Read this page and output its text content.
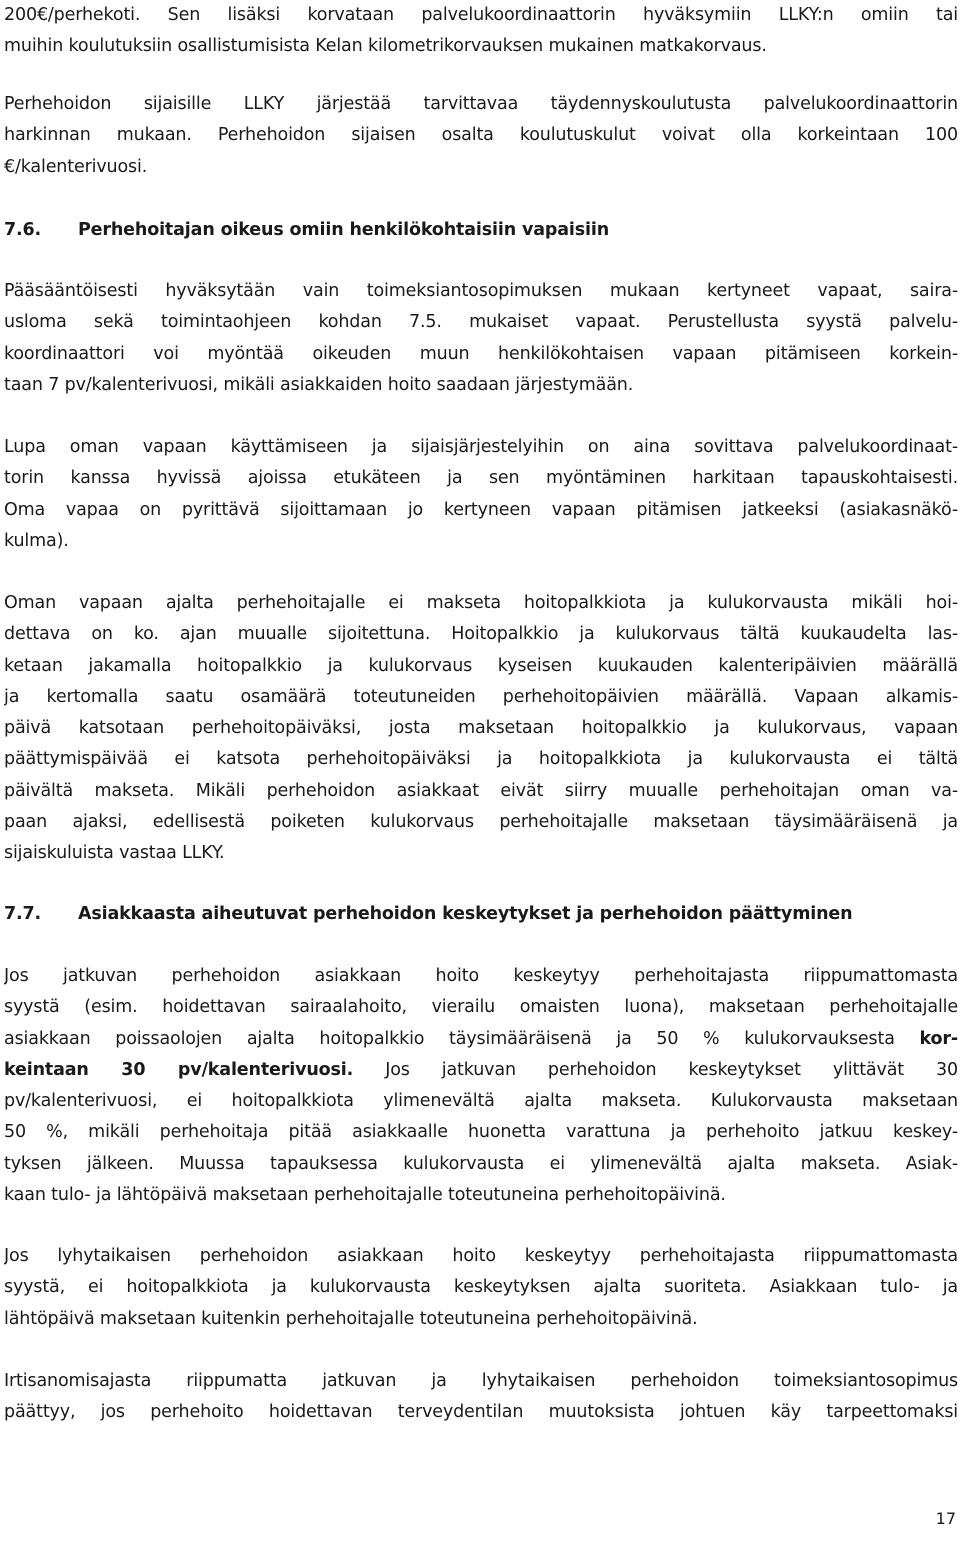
200€/perhekoti. Sen lisäksi korvataan palvelukoordinaattorin hyväksymiin LLKY:n omiin tai
muihin koulutuksiin osallistumisista Kelan kilometrikorvauksen mukainen matkakorvaus.
Perhehoidon sijaisille LLKY järjestää tarvittavaa täydennyskoulutusta palvelukoordinaattorin
harkinnan mukaan. Perhehoidon sijaisen osalta koulutuskulut voivat olla korkeintaan 100
€/kalenterivuosi.
7.6. Perhehoitajan oikeus omiin henkilökohtaisiin vapaisiin
Pääsääntöisesti hyväksytään vain toimeksiantosopimuksen mukaan kertyneet vapaat, saira-
usloma sekä toimintaohjeen kohdan 7.5. mukaiset vapaat. Perustellusta syystä palvelu-
koordinaattori voi myöntää oikeuden muun henkilökohtaisen vapaan pitämiseen korkein-
taan 7 pv/kalenterivuosi, mikäli asiakkaiden hoito saadaan järjestymään.
Lupa oman vapaan käyttämiseen ja sijaisjärjestelyihin on aina sovittava palvelukoordinaat-
torin kanssa hyvissä ajoissa etukäteen ja sen myöntäminen harkitaan tapauskohtaisesti.
Oma vapaa on pyrittävä sijoittamaan jo kertyneen vapaan pitämisen jatkeeksi (asiakasnäkö-
kulma).
Oman vapaan ajalta perhehoitajalle ei makseta hoitopalkkiota ja kulukorvausta mikäli hoi-
dettava on ko. ajan muualle sijoitettuna. Hoitopalkkio ja kulukorvaus tältä kuukaudelta las-
ketaan jakamalla hoitopalkkio ja kulukorvaus kyseisen kuukauden kalenteripäivien määrällä
ja kertomalla saatu osamäärä toteutuneiden perhehoitopäivien määrällä. Vapaan alkamis-
päivä katsotaan perhehoitopäiväksi, josta maksetaan hoitopalkkio ja kulukorvaus, vapaan
päättymispäivää ei katsota perhehoitopäiväksi ja hoitopalkkiota ja kulukorvausta ei tältä
päivältä makseta. Mikäli perhehoidon asiakkaat eivät siirry muualle perhehoitajan oman va-
paan ajaksi, edellisestä poiketen kulukorvaus perhehoitajalle maksetaan täysimääräisenä ja
sijaiskuluista vastaa LLKY.
7.7. Asiakkaasta aiheutuvat perhehoidon keskeytykset ja perhehoidon päättyminen
Jos jatkuvan perhehoidon asiakkaan hoito keskeytyy perhehoitajasta riippumattomasta
syystä (esim. hoidettavan sairaalahoito, vierailu omaisten luona), maksetaan perhehoitajalle
asiakkaan poissaolojen ajalta hoitopalkkio täysimääräisenä ja 50 % kulukorvauksesta kor-
keintaan 30 pv/kalenterivuosi. Jos jatkuvan perhehoidon keskeytykset ylittävät 30
pv/kalenterivuosi, ei hoitopalkkiota ylimenevältä ajalta makseta. Kulukorvausta maksetaan
50 %, mikäli perhehoitaja pitää asiakkaalle huonetta varattuna ja perhehoito jatkuu keskey-
tyksen jälkeen. Muussa tapauksessa kulukorvausta ei ylimenevältä ajalta makseta. Asiak-
kaan tulo- ja lähtöpäivä maksetaan perhehoitajalle toteutuneina perhehoitopäivinä.
Jos lyhytaikaisen perhehoidon asiakkaan hoito keskeytyy perhehoitajasta riippumattomasta
syystä, ei hoitopalkkiota ja kulukorvausta keskeytyksen ajalta suoriteta. Asiakkaan tulo- ja
lähtöpäivä maksetaan kuitenkin perhehoitajalle toteutuneina perhehoitopäivinä.
Irtisanomisajasta riippumatta jatkuvan ja lyhytaikaisen perhehoidon toimeksiantosopimus
päättyy, jos perhehoito hoidettavan terveydentilan muutoksista johtuen käy tarpeettomaksi
17
